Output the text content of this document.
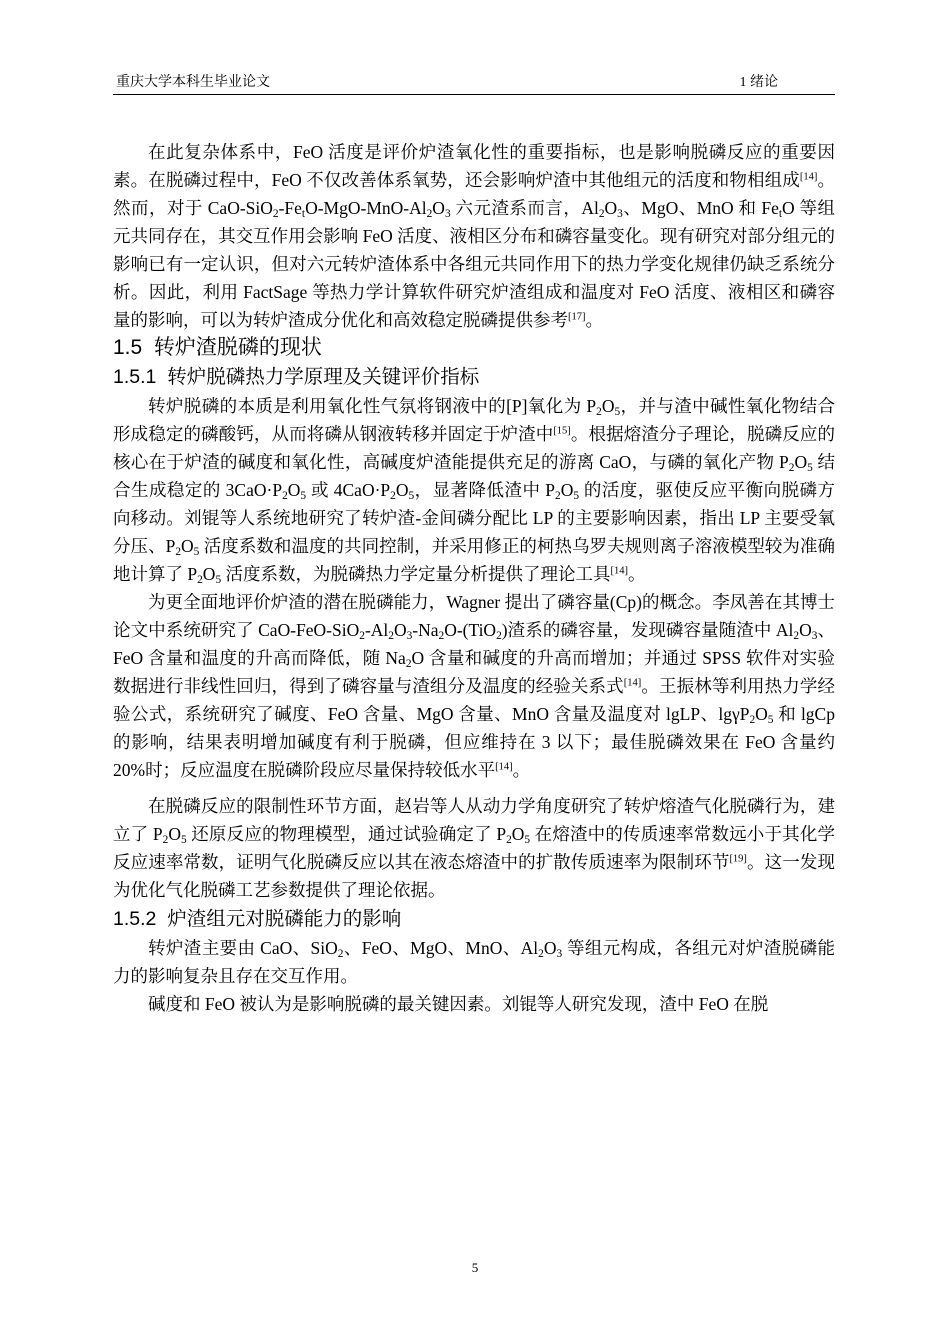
重庆大学本科生毕业论文	1 绪论

在此复杂体系中，FeO 活度是评价炉渣氧化性的重要指标，也是影响脱磷反应的重要因素。在脱磷过程中，FeO 不仅改善体系氧势，还会影响炉渣中其他组元的活度和物相组成[14]。然而，对于 CaO-$SiO_2-Fe_tO-MgO-MnO-Al_2O_3$ 六元渣系而言，$Al_2O_3$、MgO、MnO 和 $Fe_tO$ 等组元共同存在，其交互作用会影响 FeO 活度、液相区分布和磷容量变化。现有研究对部分组元的影响已有一定认识，但对六元转炉渣体系中各组元共同作用下的热力学变化规律仍缺乏系统分析。因此，利用 FactSage 等热力学计算软件研究炉渣组成和温度对 FeO 活度、液相区和磷容量的影响，可以为转炉渣成分优化和高效稳定脱磷提供参考[17]。

1.5 转炉渣脱磷的现状
1.5.1 转炉脱磷热力学原理及关键评价指标

转炉脱磷的本质是利用氧化性气氛将钢液中的[P]氧化为 $P_2O_5$，并与渣中碱性氧化物结合形成稳定的磷酸钙，从而将磷从钢液转移并固定于炉渣中[15]。根据熔渣分子理论，脱磷反应的核心在于炉渣的碱度和氧化性，高碱度炉渣能提供充足的游离 CaO，与磷的氧化产物 $P_2O_5$ 结合生成稳定的 $3CaO\cdot P_2O_5$ 或 $4CaO\cdot P_2O_5$，显著降低渣中 $P_2O_5$ 的活度，驱使反应平衡向脱磷方向移动。刘锟等人系统地研究了转炉渣-金间磷分配比 LP 的主要影响因素，指出 LP 主要受氧分压、$P_2O_5$ 活度系数和温度的共同控制，并采用修正的柯热乌罗夫规则离子溶液模型较为准确地计算了 $P_2O_5$ 活度系数，为脱磷热力学定量分析提供了理论工具[14]。

为更全面地评价炉渣的潜在脱磷能力，Wagner 提出了磷容量(Cp)的概念。李凤善在其博士论文中系统研究了 CaO-$FeO-SiO_2-Al_2O_3-Na_2O-(TiO_2)$渣系的磷容量，发现磷容量随渣中 $Al_2O_3$、FeO 含量和温度的升高而降低，随 $Na_2O$ 含量和碱度的升高而增加；并通过 SPSS 软件对实验数据进行非线性回归，得到了磷容量与渣组分及温度的经验关系式[14]。王振林等利用热力学经验公式，系统研究了碱度、FeO 含量、MgO 含量、MnO 含量及温度对 lgLP、$\lg\gamma P_2O_5$ 和 lgCp 的影响，结果表明增加碱度有利于脱磷，但应维持在 3 以下；最佳脱磷效果在 FeO 含量约 20%时；反应温度在脱磷阶段应尽量保持较低水平[14]。

在脱磷反应的限制性环节方面，赵岩等人从动力学角度研究了转炉熔渣气化脱磷行为，建立了 $P_2O_5$ 还原反应的物理模型，通过试验确定了 $P_2O_5$ 在熔渣中的传质速率常数远小于其化学反应速率常数，证明气化脱磷反应以其在液态熔渣中的扩散传质速率为限制环节[19]。这一发现为优化气化脱磷工艺参数提供了理论依据。

1.5.2 炉渣组元对脱磷能力的影响

转炉渣主要由 CaO、SiO$_2$、FeO、MgO、MnO、$Al_2O_3$ 等组元构成，各组元对炉渣脱磷能力的影响复杂且存在交互作用。

碱度和 FeO 被认为是影响脱磷的最关键因素。刘锟等人研究发现，渣中 FeO 在脱

5
